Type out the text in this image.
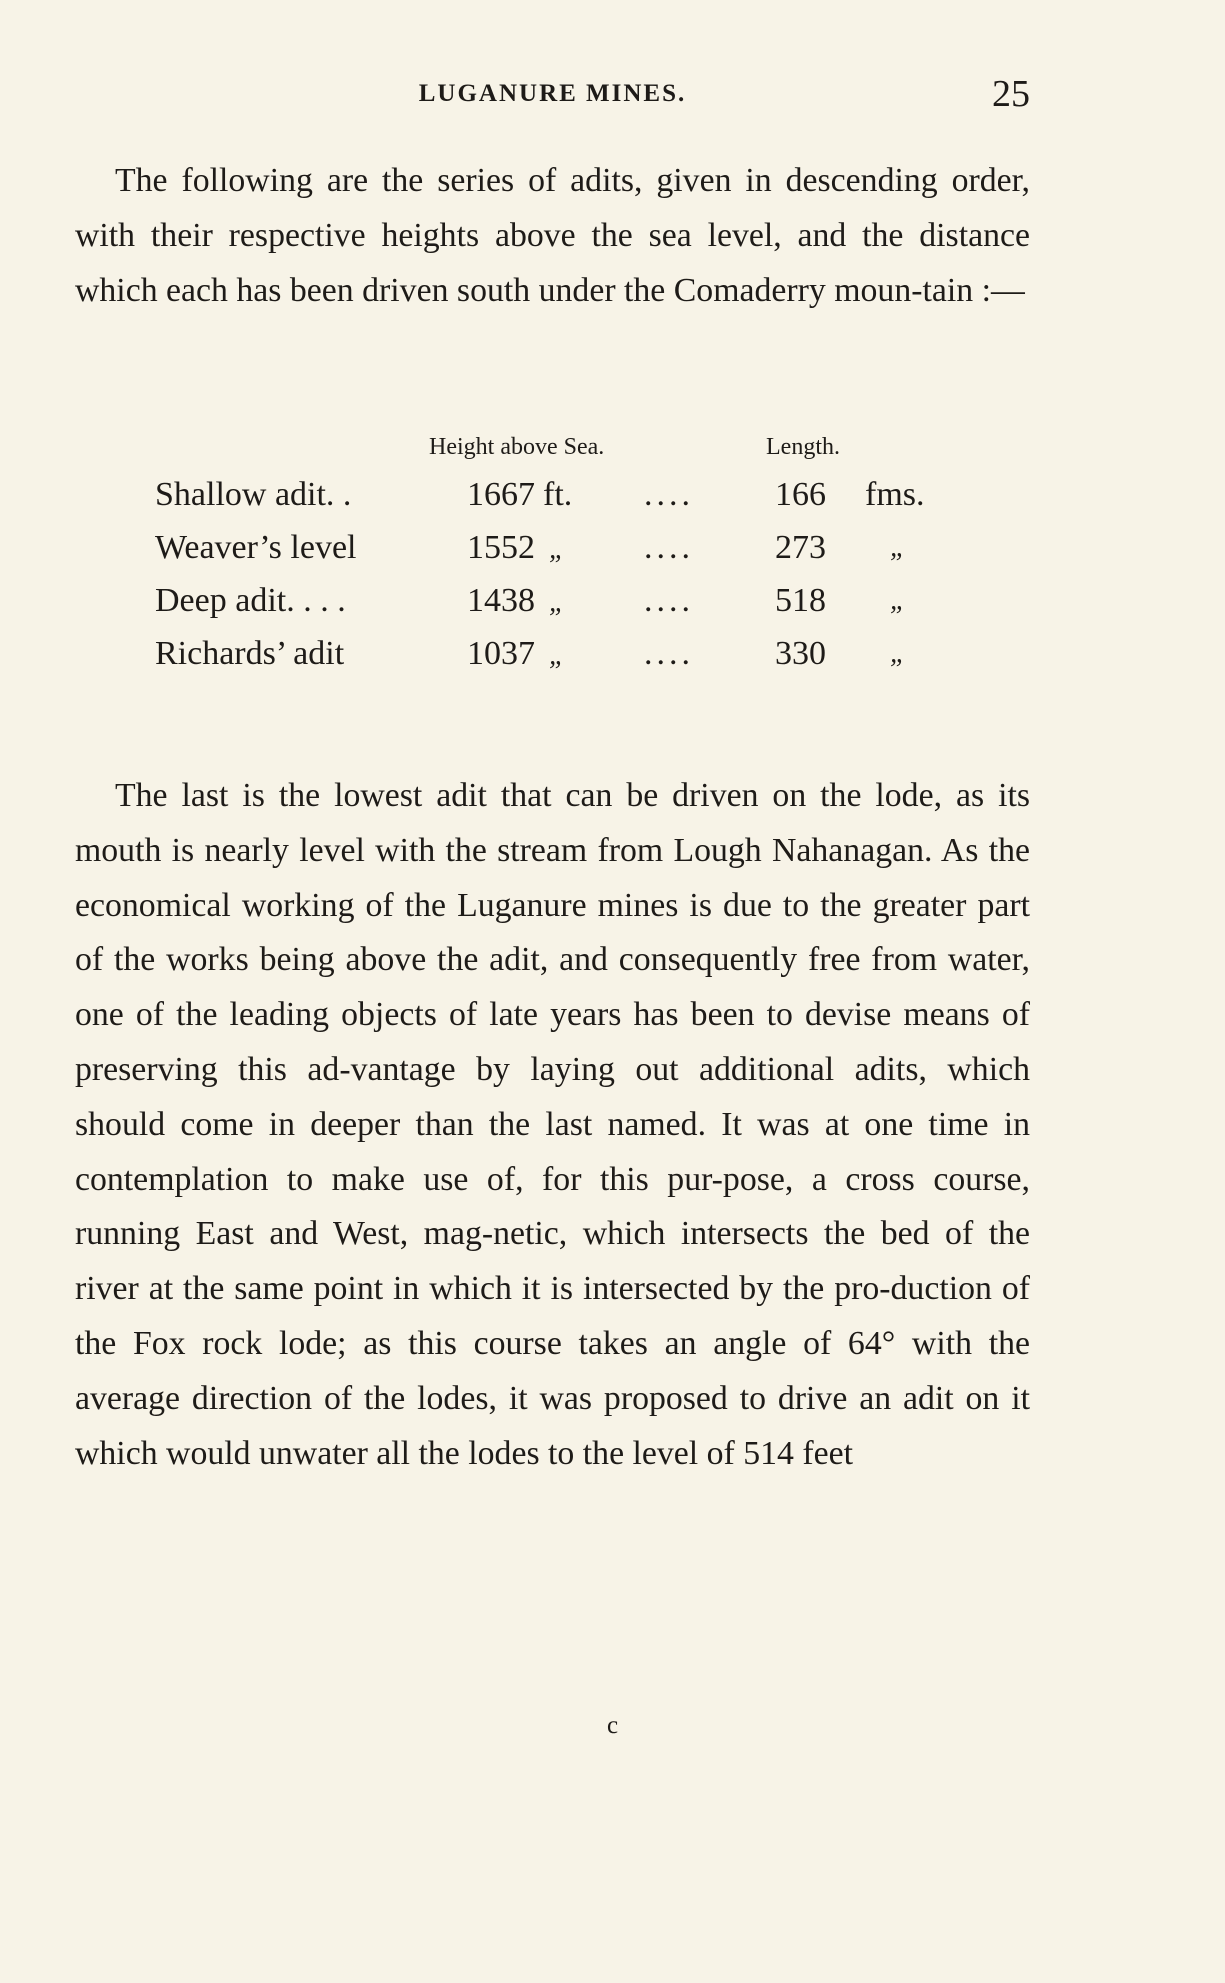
LUGANURE MINES.	25

The following are the series of adits, given in descending order, with their respective heights above the sea level, and the distance which each has been driven south under the Comaderry moun-tain :—

Height above Sea.	Length.
Shallow adit. .	1667 ft. .... 166 fms.
Weaver’s level	1552 „ .... 273 „
Deep adit. . . .	1438 „ .... 518 „
Richards’ adit	1037 „ .... 330 „

The last is the lowest adit that can be driven on the lode, as its mouth is nearly level with the stream from Lough Nahanagan. As the economical working of the Luganure mines is due to the greater part of the works being above the adit, and consequently free from water, one of the leading objects of late years has been to devise means of preserving this ad-vantage by laying out additional adits, which should come in deeper than the last named. It was at one time in contemplation to make use of, for this pur-pose, a cross course, running East and West, mag-netic, which intersects the bed of the river at the same point in which it is intersected by the pro-duction of the Fox rock lode; as this course takes an angle of 64° with the average direction of the lodes, it was proposed to drive an adit on it which would unwater all the lodes to the level of 514 feet

c
